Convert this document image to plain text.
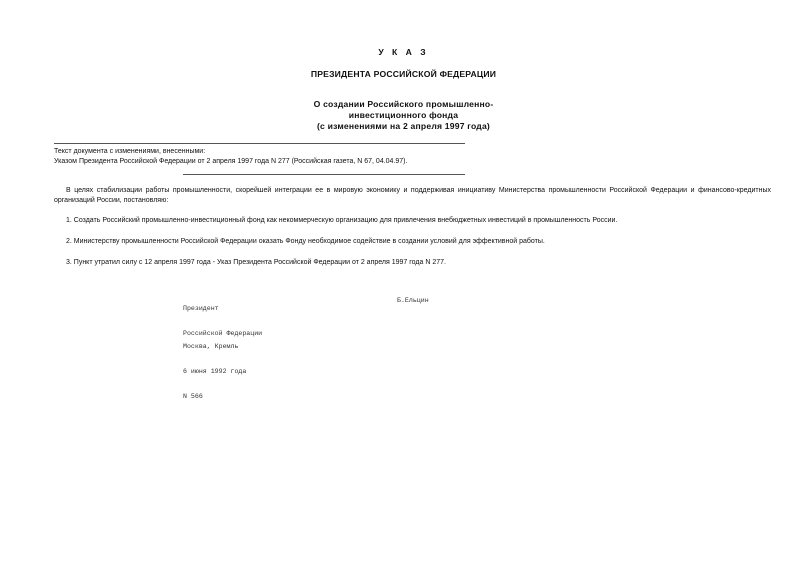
У К А З
ПРЕЗИДЕНТА РОССИЙСКОЙ ФЕДЕРАЦИИ
О создании Российского промышленно-
инвестиционного фонда
(с изменениями на 2 апреля 1997 года)
Текст документа с изменениями, внесенными:
Указом Президента Российской Федерации от 2 апреля 1997 года N 277 (Российская газета, N 67, 04.04.97).
В целях стабилизации работы промышленности, скорейшей интеграции ее в мировую экономику и поддерживая инициативу Министерства промышленности Российской Федерации и финансово-кредитных организаций России, постановляю:
1. Создать Российский промышленно-инвестиционный фонд как некоммерческую организацию для привлечения внебюджетных инвестиций в промышленность России.
2. Министерству промышленности Российской Федерации оказать Фонду необходимое содействие в создании условий для эффективной работы.
3. Пункт утратил силу с 12 апреля 1997 года - Указ Президента Российской Федерации от 2 апреля 1997 года N 277.

Президент

Российской Федерации

Б.Ельцин

Москва, Кремль

6 июня 1992 года

N 566
